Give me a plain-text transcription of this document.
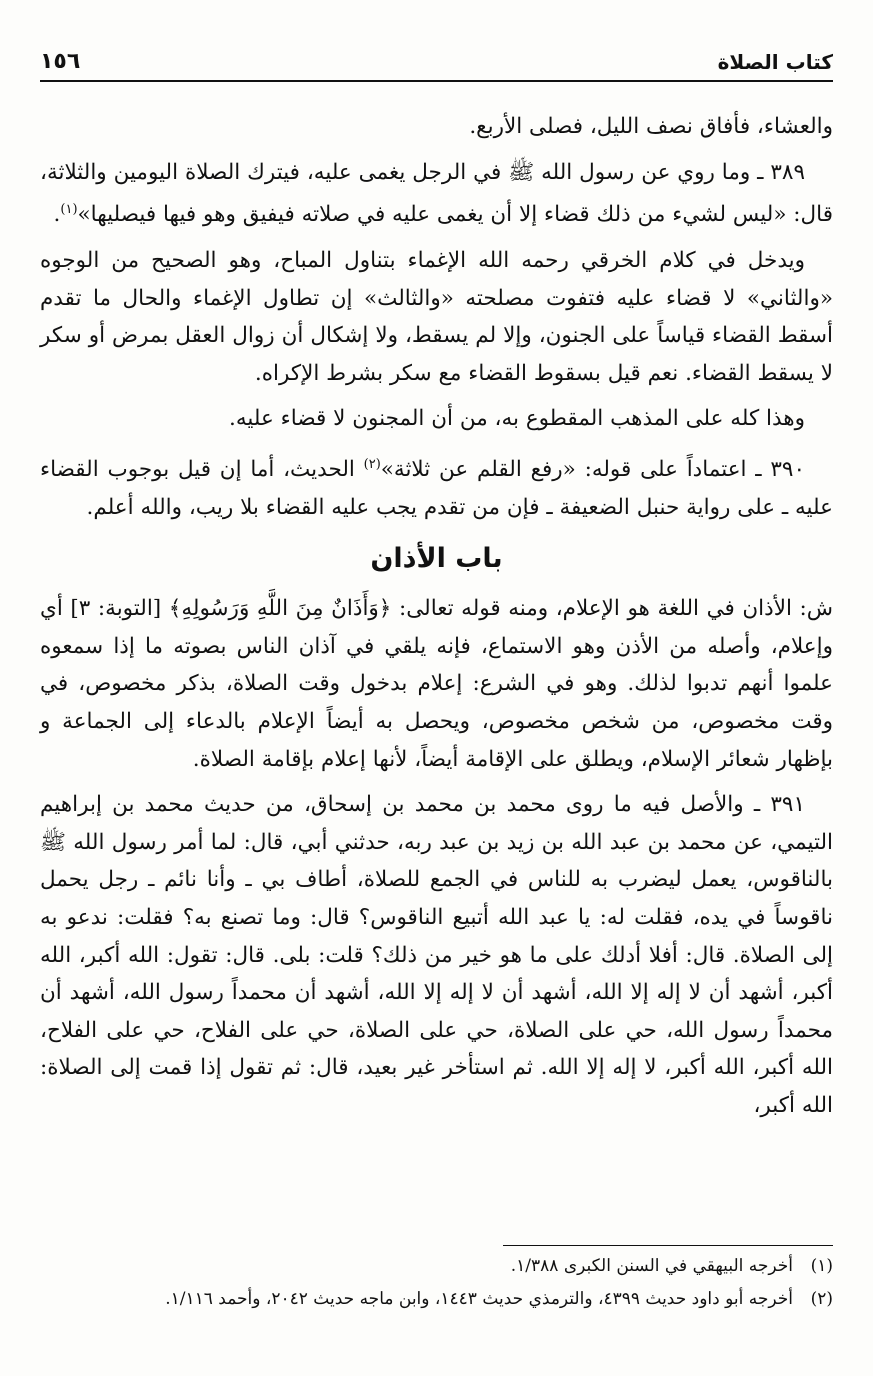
١٥٦	كتاب الصلاة

والعشاء، فأفاق نصف الليل، فصلى الأربع.

٣٨٩ ـ وما روي عن رسول الله ﷺ في الرجل يغمى عليه، فيترك الصلاة اليومين والثلاثة، قال: «ليس لشيء من ذلك قضاء إلا أن يغمى عليه في صلاته فيفيق وهو فيها فيصليها»$^{(١)}$.

ويدخل في كلام الخرقي رحمه الله الإغماء بتناول المباح، وهو الصحيح من الوجوه «والثاني» لا قضاء عليه فتفوت مصلحته «والثالث» إن تطاول الإغماء والحال ما تقدم أسقط القضاء قياساً على الجنون، وإلا لم يسقط، ولا إشكال أن زوال العقل بمرض أو سكر لا يسقط القضاء. نعم قيل بسقوط القضاء مع سكر بشرط الإكراه.

وهذا كله على المذهب المقطوع به، من أن المجنون لا قضاء عليه.

٣٩٠ ـ اعتماداً على قوله: «رفع القلم عن ثلاثة»$^{(٢)}$ الحديث، أما إن قيل بوجوب القضاء عليه ـ على رواية حنبل الضعيفة ـ فإن من تقدم يجب عليه القضاء بلا ريب، والله أعلم.

باب الأذان

ش: الأذان في اللغة هو الإعلام، ومنه قوله تعالى: ﴿وَأَذَانٌ مِنَ اللَّهِ وَرَسُولِهِ﴾ [التوبة: ٣] أي وإعلام، وأصله من الأذن وهو الاستماع، فإنه يلقي في آذان الناس بصوته ما إذا سمعوه علموا أنهم تدبوا لذلك. وهو في الشرع: إعلام بدخول وقت الصلاة، بذكر مخصوص، في وقت مخصوص، من شخص مخصوص، ويحصل به أيضاً الإعلام بالدعاء إلى الجماعة و بإظهار شعائر الإسلام، ويطلق على الإقامة أيضاً، لأنها إعلام بإقامة الصلاة.

٣٩١ ـ والأصل فيه ما روى محمد بن محمد بن إسحاق، من حديث محمد بن إبراهيم التيمي، عن محمد بن عبد الله بن زيد بن عبد ربه، حدثني أبي، قال: لما أمر رسول الله ﷺ بالناقوس، يعمل ليضرب به للناس في الجمع للصلاة، أطاف بي ـ وأنا نائم ـ رجل يحمل ناقوساً في يده، فقلت له: يا عبد الله أتبيع الناقوس؟ قال: وما تصنع به؟ فقلت: ندعو به إلى الصلاة. قال: أفلا أدلك على ما هو خير من ذلك؟ قلت: بلى. قال: تقول: الله أكبر، الله أكبر، أشهد أن لا إله إلا الله، أشهد أن لا إله إلا الله، أشهد أن محمداً رسول الله، أشهد أن محمداً رسول الله، حي على الصلاة، حي على الصلاة، حي على الفلاح، حي على الفلاح، الله أكبر، الله أكبر، لا إله إلا الله. ثم استأخر غير بعيد، قال: ثم تقول إذا قمت إلى الصلاة: الله أكبر،

(١)أخرجه البيهقي في السنن الكبرى ١/٣٨٨.
(٢)أخرجه أبو داود حديث ٤٣٩٩، والترمذي حديث ١٤٤٣، وابن ماجه حديث ٢٠٤٢، وأحمد ١/١١٦.
